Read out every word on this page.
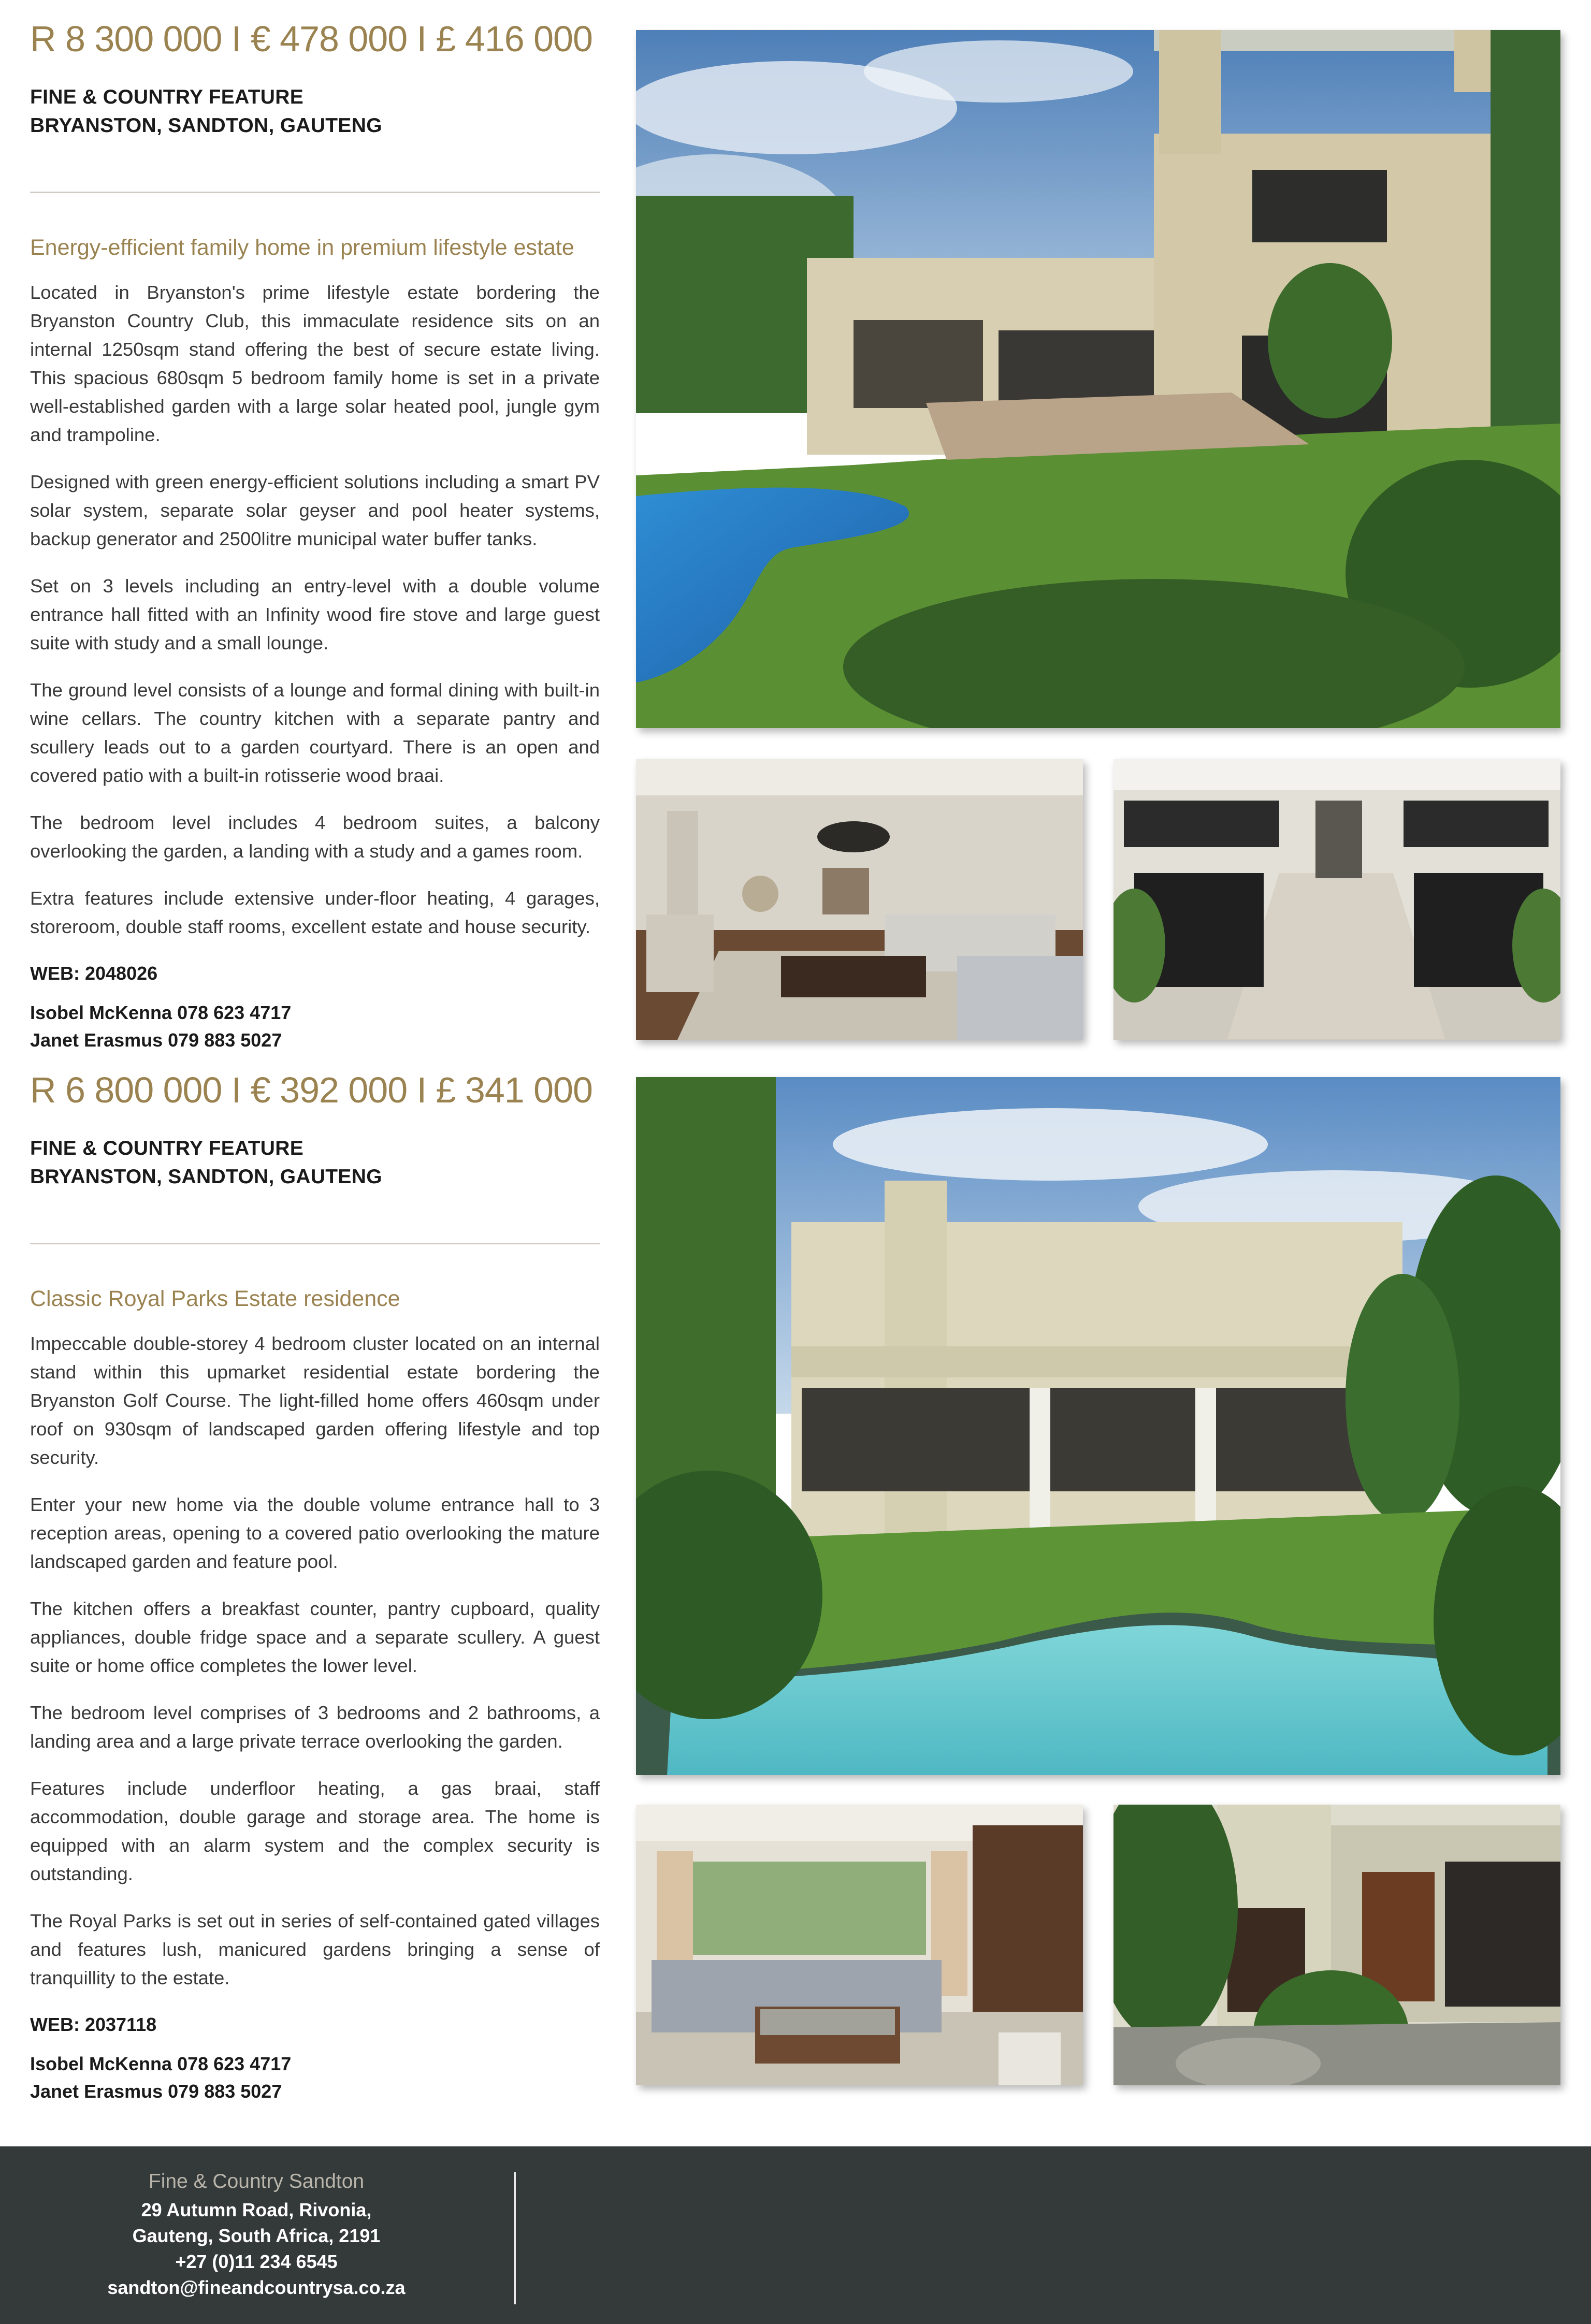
R 8 300 000 I € 478 000 I £ 416 000
FINE & COUNTRY FEATURE
BRYANSTON, SANDTON, GAUTENG
Energy-efficient family home in premium lifestyle estate

Located in Bryanston's prime lifestyle estate bordering the Bryanston Country Club, this immaculate residence sits on an internal 1250sqm stand offering the best of secure estate living. This spacious 680sqm 5 bedroom family home is set in a private well-established garden with a large solar heated pool, jungle gym and trampoline.

Designed with green energy-efficient solutions including a smart PV solar system, separate solar geyser and pool heater systems, backup generator and 2500litre municipal water buffer tanks.

Set on 3 levels including an entry-level with a double volume entrance hall fitted with an Infinity wood fire stove and large guest suite with study and a small lounge.

The ground level consists of a lounge and formal dining with built-in wine cellars. The country kitchen with a separate pantry and scullery leads out to a garden courtyard. There is an open and covered patio with a built-in rotisserie wood braai.

The bedroom level includes 4 bedroom suites, a balcony overlooking the garden, a landing with a study and a games room.

Extra features include extensive under-floor heating, 4 garages, storeroom, double staff rooms, excellent estate and house security.

WEB: 2048026
Isobel McKenna 078 623 4717
Janet Erasmus 079 883 5027
R 6 800 000 I € 392 000 I £ 341 000
FINE & COUNTRY FEATURE
BRYANSTON, SANDTON, GAUTENG
Classic Royal Parks Estate residence

Impeccable double-storey 4 bedroom cluster located on an internal stand within this upmarket residential estate bordering the Bryanston Golf Course. The light-filled home offers 460sqm under roof on 930sqm of landscaped garden offering lifestyle and top security.

Enter your new home via the double volume entrance hall to 3 reception areas, opening to a covered patio overlooking the mature landscaped garden and feature pool.

The kitchen offers a breakfast counter, pantry cupboard, quality appliances, double fridge space and a separate scullery. A guest suite or home office completes the lower level.

The bedroom level comprises of 3 bedrooms and 2 bathrooms, a landing area and a large private terrace overlooking the garden.

Features include underfloor heating, a gas braai, staff accommodation, double garage and storage area. The home is equipped with an alarm system and the complex security is outstanding.

The Royal Parks is set out in series of self-contained gated villages and features lush, manicured gardens bringing a sense of tranquillity to the estate.

WEB: 2037118
Isobel McKenna 078 623 4717
Janet Erasmus 079 883 5027
Fine & Country Sandton
29 Autumn Road, Rivonia,
Gauteng, South Africa, 2191
+27 (0)11 234 6545
sandton@fineandcountrysa.co.za
